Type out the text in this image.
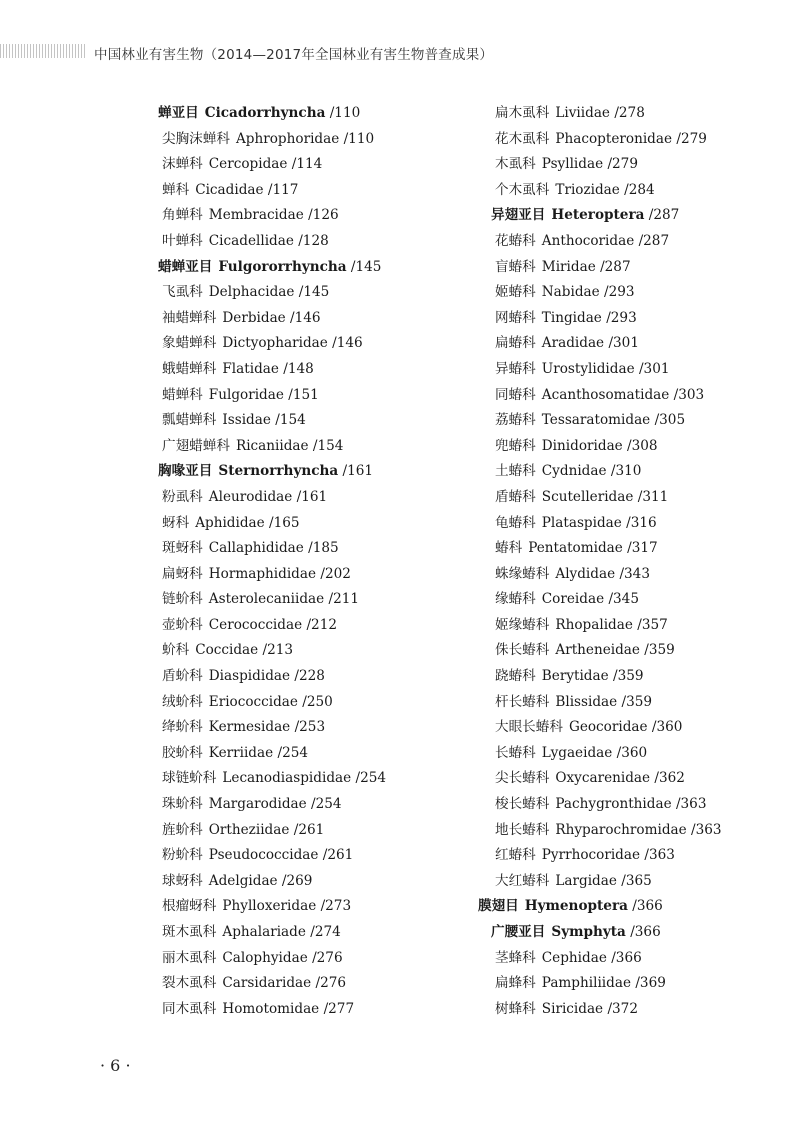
中国林业有害生物（2014—2017年全国林业有害生物普查成果）
蝉亚目 Cicadorrhyncha /110
尖胸沫蝉科 Aphrophoridae /110
沫蝉科 Cercopidae /114
蝉科 Cicadidae /117
角蝉科 Membracidae /126
叶蝉科 Cicadellidae /128
蜡蝉亚目 Fulgororrhyncha /145
飞虱科 Delphacidae /145
袖蜡蝉科 Derbidae /146
象蜡蝉科 Dictyopharidae /146
蛾蜡蝉科 Flatidae /148
蜡蝉科 Fulgoridae /151
瓢蜡蝉科 Issidae /154
广翅蜡蝉科 Ricaniidae /154
胸喙亚目 Sternorrhyncha /161
粉虱科 Aleurodidae /161
蚜科 Aphididae /165
斑蚜科 Callaphididae /185
扁蚜科 Hormaphididae /202
链蚧科 Asterolecaniidae /211
壶蚧科 Cerococcidae /212
蚧科 Coccidae /213
盾蚧科 Diaspididae /228
绒蚧科 Eriococcidae /250
绛蚧科 Kermesidae /253
胶蚧科 Kerriidae /254
球链蚧科 Lecanodiaspididae /254
珠蚧科 Margarodidae /254
旌蚧科 Ortheziidae /261
粉蚧科 Pseudococcidae /261
球蚜科 Adelgidae /269
根瘤蚜科 Phylloxeridae /273
斑木虱科 Aphalariade /274
丽木虱科 Calophyidae /276
裂木虱科 Carsidaridae /276
同木虱科 Homotomidae /277
扁木虱科 Liviidae /278
花木虱科 Phacopteronidae /279
木虱科 Psyllidae /279
个木虱科 Triozidae /284
异翅亚目 Heteroptera /287
花蝽科 Anthocoridae /287
盲蝽科 Miridae /287
姬蝽科 Nabidae /293
网蝽科 Tingidae /293
扁蝽科 Aradidae /301
异蝽科 Urostylididae /301
同蝽科 Acanthosomatidae /303
荔蝽科 Tessaratomidae /305
兜蝽科 Dinidoridae /308
土蝽科 Cydnidae /310
盾蝽科 Scutelleridae /311
龟蝽科 Plataspidae /316
蝽科 Pentatomidae /317
蛛缘蝽科 Alydidae /343
缘蝽科 Coreidae /345
姬缘蝽科 Rhopalidae /357
侏长蝽科 Artheneidae /359
跷蝽科 Berytidae /359
杆长蝽科 Blissidae /359
大眼长蝽科 Geocoridae /360
长蝽科 Lygaeidae /360
尖长蝽科 Oxycarenidae /362
梭长蝽科 Pachygronthidae /363
地长蝽科 Rhyparochromidae /363
红蝽科 Pyrrhocoridae /363
大红蝽科 Largidae /365
膜翅目 Hymenoptera /366
广腰亚目 Symphyta /366
茎蜂科 Cephidae /366
扁蜂科 Pamphiliidae /369
树蜂科 Siricidae /372
· 6 ·
